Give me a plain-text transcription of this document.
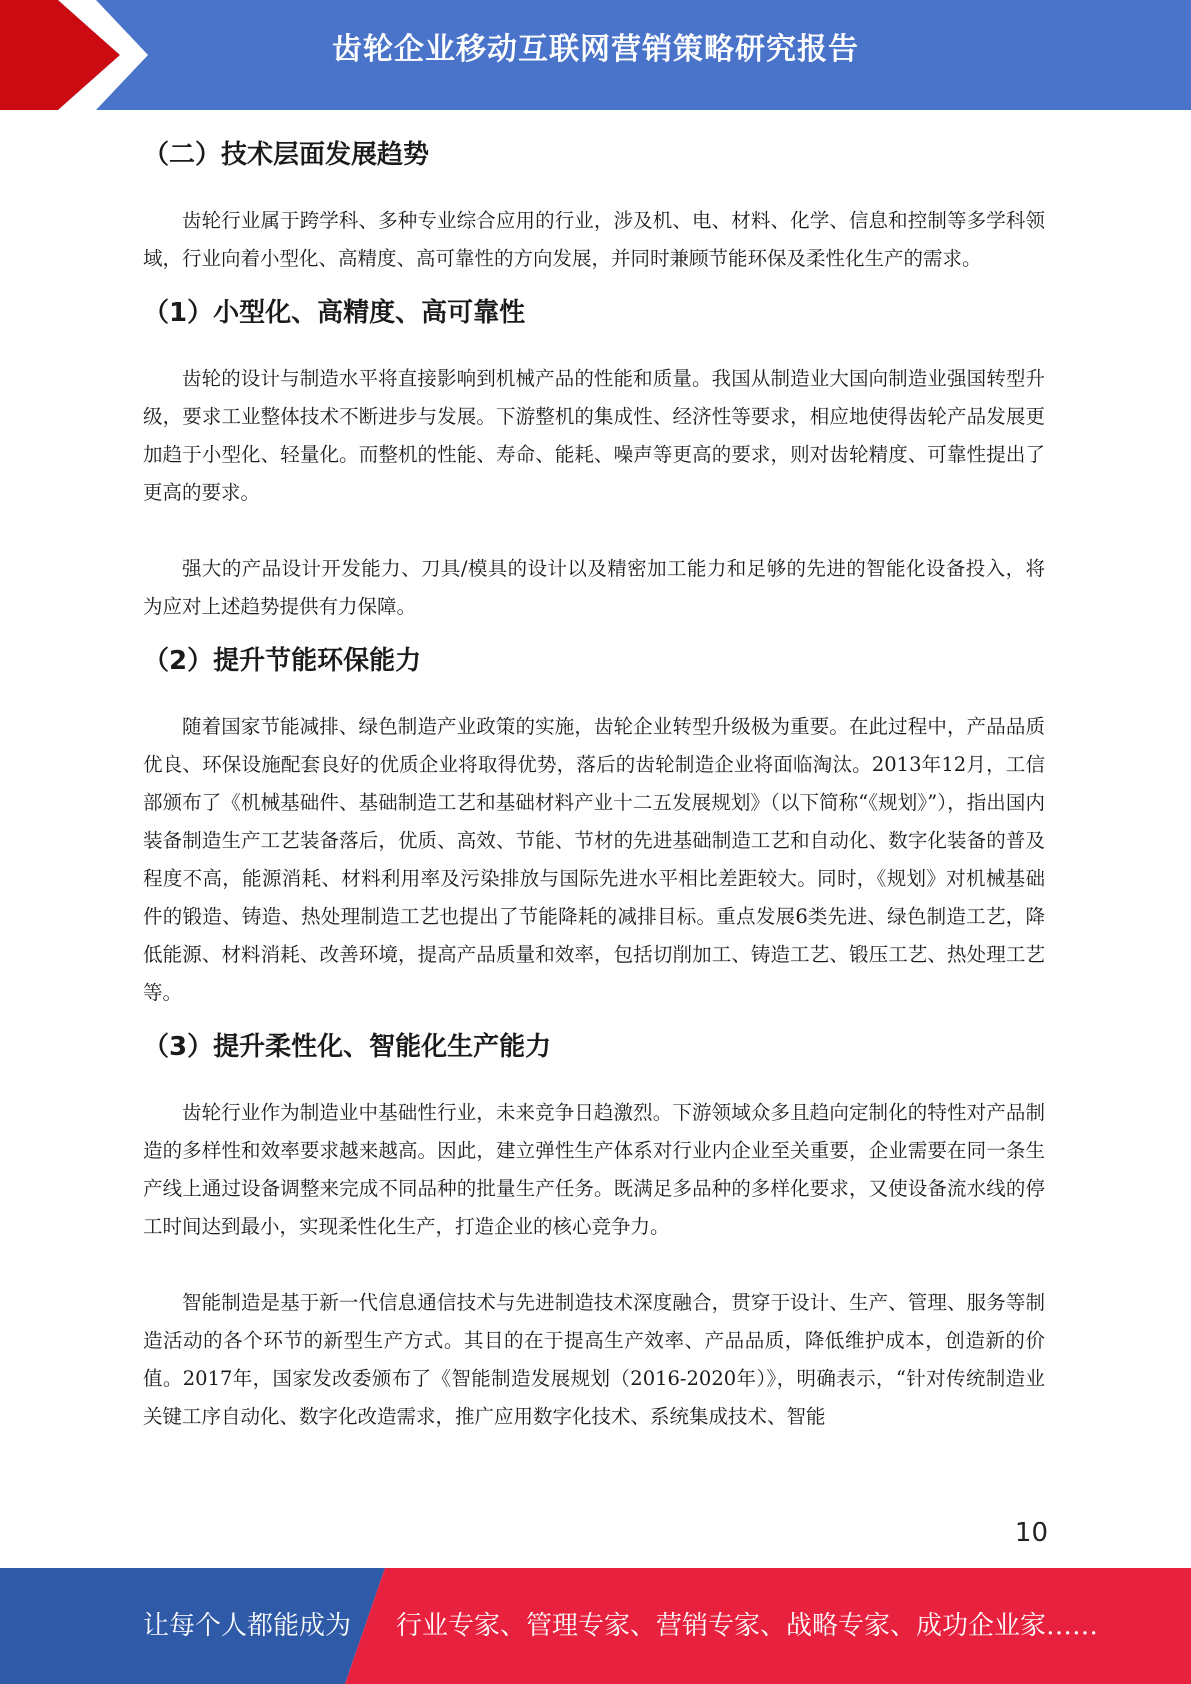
齿轮企业移动互联网营销策略研究报告
（二）技术层面发展趋势

齿轮行业属于跨学科、多种专业综合应用的行业，涉及机、电、材料、化学、信息和控制等多学科领域，行业向着小型化、高精度、高可靠性的方向发展，并同时兼顾节能环保及柔性化生产的需求。

（1）小型化、高精度、高可靠性

齿轮的设计与制造水平将直接影响到机械产品的性能和质量。我国从制造业大国向制造业强国转型升级，要求工业整体技术不断进步与发展。下游整机的集成性、经济性等要求，相应地使得齿轮产品发展更加趋于小型化、轻量化。而整机的性能、寿命、能耗、噪声等更高的要求，则对齿轮精度、可靠性提出了更高的要求。

强大的产品设计开发能力、刀具/模具的设计以及精密加工能力和足够的先进的智能化设备投入，将为应对上述趋势提供有力保障。

（2）提升节能环保能力

随着国家节能减排、绿色制造产业政策的实施，齿轮企业转型升级极为重要。在此过程中，产品品质优良、环保设施配套良好的优质企业将取得优势，落后的齿轮制造企业将面临淘汰。2013年12月，工信部颁布了《机械基础件、基础制造工艺和基础材料产业十二五发展规划》（以下简称“《规划》”），指出国内装备制造生产工艺装备落后，优质、高效、节能、节材的先进基础制造工艺和自动化、数字化装备的普及程度不高，能源消耗、材料利用率及污染排放与国际先进水平相比差距较大。同时，《规划》对机械基础件的锻造、铸造、热处理制造工艺也提出了节能降耗的减排目标。重点发展6类先进、绿色制造工艺，降低能源、材料消耗、改善环境，提高产品质量和效率，包括切削加工、铸造工艺、锻压工艺、热处理工艺等。

（3）提升柔性化、智能化生产能力

齿轮行业作为制造业中基础性行业，未来竞争日趋激烈。下游领域众多且趋向定制化的特性对产品制造的多样性和效率要求越来越高。因此，建立弹性生产体系对行业内企业至关重要，企业需要在同一条生产线上通过设备调整来完成不同品种的批量生产任务。既满足多品种的多样化要求，又使设备流水线的停工时间达到最小，实现柔性化生产，打造企业的核心竞争力。

智能制造是基于新一代信息通信技术与先进制造技术深度融合，贯穿于设计、生产、管理、服务等制造活动的各个环节的新型生产方式。其目的在于提高生产效率、产品品质，降低维护成本，创造新的价值。2017年，国家发改委颁布了《智能制造发展规划（2016-2020年）》，明确表示，“针对传统制造业关键工序自动化、数字化改造需求，推广应用数字化技术、系统集成技术、智能

10
让每个人都能成为 行业专家、管理专家、营销专家、战略专家、成功企业家……
